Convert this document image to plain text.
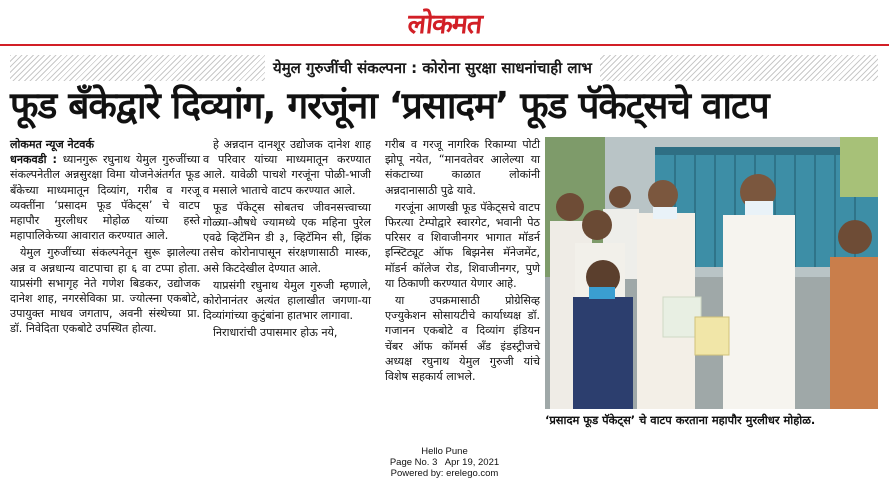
लोकमत
येमुल गुरुजींची संकल्पना : कोरोना सुरक्षा साधनांचाही लाभ
फूड बँकेद्वारे दिव्यांग, गरजूंना ‘प्रसादम’ फूड पॅकेट्‌सचे वाटप
लोकमत न्यूज नेटवर्क

धनकवडी : ध्यानगुरू रघुनाथ येमुल गुरुजींच्या संकल्पनेतील अन्नसुरक्षा विमा योजनेअंतर्गत फूड बँकेच्या माध्यमातून दिव्यांग, गरीब व गरजू व्यक्तींना ‘प्रसादम फूड पॅकेट्‌स’ चे वाटप महापौर मुरलीधर मोहोळ यांच्या हस्ते महापालिकेच्या आवारात करण्यात आले.

येमुल गुरुजींच्या संकल्पनेतून सुरू झालेल्या अन्न व अन्नधान्य वाटपाचा हा ६ वा टप्पा होता. याप्रसंगी सभागृह नेते गणेश बिडकर, उद्योजक दानेश शाह, नगरसेविका प्रा. ज्योत्स्ना एकबोटे, उपायुक्त माधव जगताप, अवनी संस्थेच्या प्रा. डॉ. निवेदिता एकबोटे उपस्थित होत्या.

हे अन्नदान दानशूर उद्योजक दानेश शाह व परिवार यांच्या माध्यमातून करण्यात आले. यावेळी पाचशे गरजूंना पोळी-भाजी व मसाले भाताचे वाटप करण्यात आले.

फूड पॅकेट्‌स सोबतच जीवनसत्त्वाच्या गोळ्या-औषधे ज्यामध्ये एक महिना पुरेल एवढे व्हिटॅमिन डी ३, व्हिटॅमिन सी, झिंक तसेच कोरोनापासून संरक्षणासाठी मास्क, असे किटदेखील देण्यात आले.

याप्रसंगी रघुनाथ येमुल गुरुजी म्हणाले, कोरोनानंतर अत्यंत हालाखीत जगणा-या दिव्यांगांच्या कुटुंबांना हातभार लागावा.

निराधारांची उपासमार होऊ नये,

गरीब व गरजू नागरिक रिकाम्या पोटी झोपू नयेत, “मानवतेवर आलेल्या या संकटाच्या काळात लोकांनी अन्नदानासाठी पुढे यावे.

गरजूंना आणखी फूड पॅकेट्‌सचे वाटप फिरत्या टेम्पोद्वारे स्वारगेट, भवानी पेठ परिसर व शिवाजीनगर भागात मॉडर्न इन्स्टिट्यूट ऑफ बिझनेस मॅनेजमेंट, मॉडर्न कॉलेज रोड, शिवाजीनगर, पुणे या ठिकाणी करण्यात येणार आहे.

या उपक्रमासाठी प्रोग्रेसिव्ह एज्युकेशन सोसायटीचे कार्याध्यक्ष डॉ. गजानन एकबोटे व दिव्यांग इंडियन चेंबर ऑफ कॉमर्स अँड इंडस्ट्रीजचे अध्यक्ष रघुनाथ येमुल गुरुजी यांचे विशेष सहकार्य लाभले.

‘प्रसादम फूड पॅकेट्‌स’ चे वाटप करताना महापौर मुरलीधर मोहोळ.
Hello Pune
Page No. 3   Apr 19, 2021
Powered by: erelego.com
